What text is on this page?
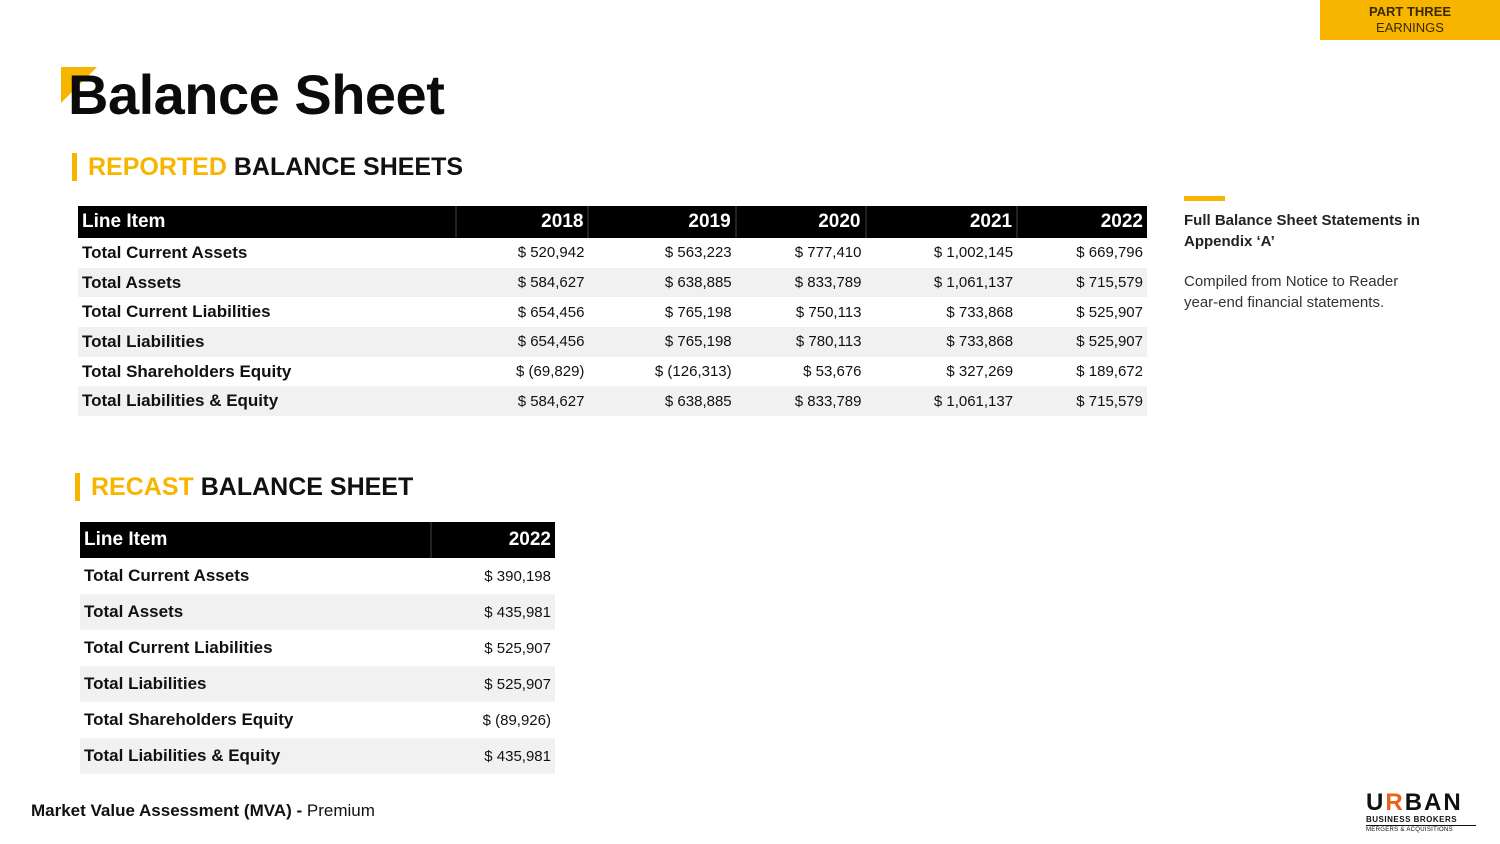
PART THREE
EARNINGS
Balance Sheet
REPORTED BALANCE SHEETS
Line Item	2018	2019	2020	2021	2022
Total Current Assets	$ 520,942	$ 563,223	$ 777,410	$ 1,002,145	$ 669,796
Total Assets	$ 584,627	$ 638,885	$ 833,789	$ 1,061,137	$ 715,579
Total Current Liabilities	$ 654,456	$ 765,198	$ 750,113	$ 733,868	$ 525,907
Total Liabilities	$ 654,456	$ 765,198	$ 780,113	$ 733,868	$ 525,907
Total Shareholders Equity	$ (69,829)	$ (126,313)	$ 53,676	$ 327,269	$ 189,672
Total Liabilities & Equity	$ 584,627	$ 638,885	$ 833,789	$ 1,061,137	$ 715,579
RECAST BALANCE SHEET
Line Item	2022
Total Current Assets	$ 390,198
Total Assets	$ 435,981
Total Current Liabilities	$ 525,907
Total Liabilities	$ 525,907
Total Shareholders Equity	$ (89,926)
Total Liabilities & Equity	$ 435,981
Full Balance Sheet Statements in Appendix ‘A’
Compiled from Notice to Reader year-end financial statements.
Market Value Assessment (MVA) - Premium	URBAN
BUSINESS BROKERS
MERGERS & ACQUISITIONS
